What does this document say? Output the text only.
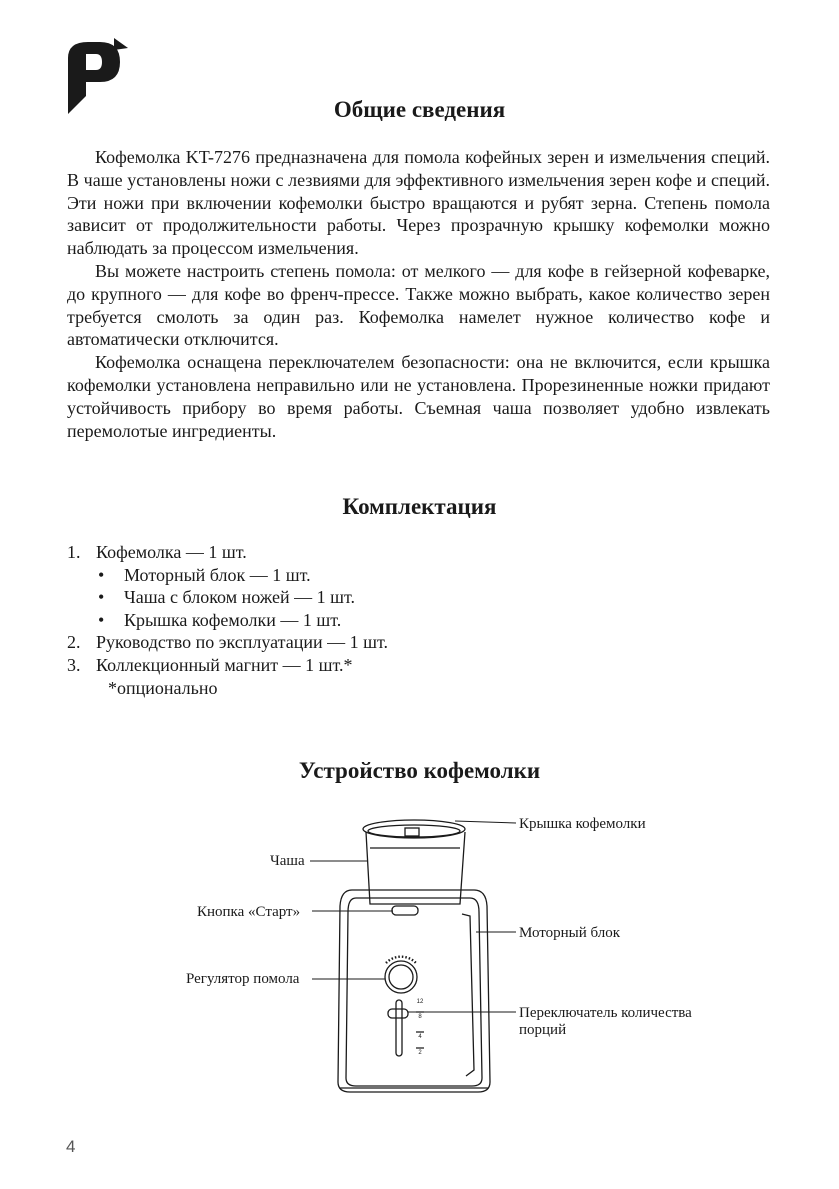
Общие сведения

Кофемолка KT-7276 предназначена для помола кофейных зерен и измельчения специй. В чаше установлены ножи с лезвиями для эффективного измельчения зерен кофе и специй. Эти ножи при включении кофемолки быстро вращаются и рубят зерна. Степень помола зависит от продолжительности работы. Через прозрачную крышку кофемолки можно наблюдать за процессом измельчения.

Вы можете настроить степень помола: от мелкого — для кофе в гейзерной кофеварке, до крупного — для кофе во френч-прессе. Также можно выбрать, какое количество зерен требуется смолоть за один раз. Кофемолка намелет нужное количество кофе и автоматически отключится.

Кофемолка оснащена переключателем безопасности: она не включится, если крышка кофемолки установлена неправильно или не установлена. Прорезиненные ножки придают устойчивость прибору во время работы. Съемная чаша позволяет удобно извлекать перемолотые ингредиенты.

Комплектация
1. Кофемолка — 1 шт.
• Моторный блок — 1 шт.
• Чаша с блоком ножей — 1 шт.
• Крышка кофемолки — 1 шт.
2. Руководство по эксплуатации — 1 шт.
3. Коллекционный магнит — 1 шт.*
*опционально
Устройство кофемолки
12
8
4
2
Крышка кофемолки
Чаша
Кнопка «Старт»
Моторный блок
Регулятор помола
Переключатель количества
порций
4
